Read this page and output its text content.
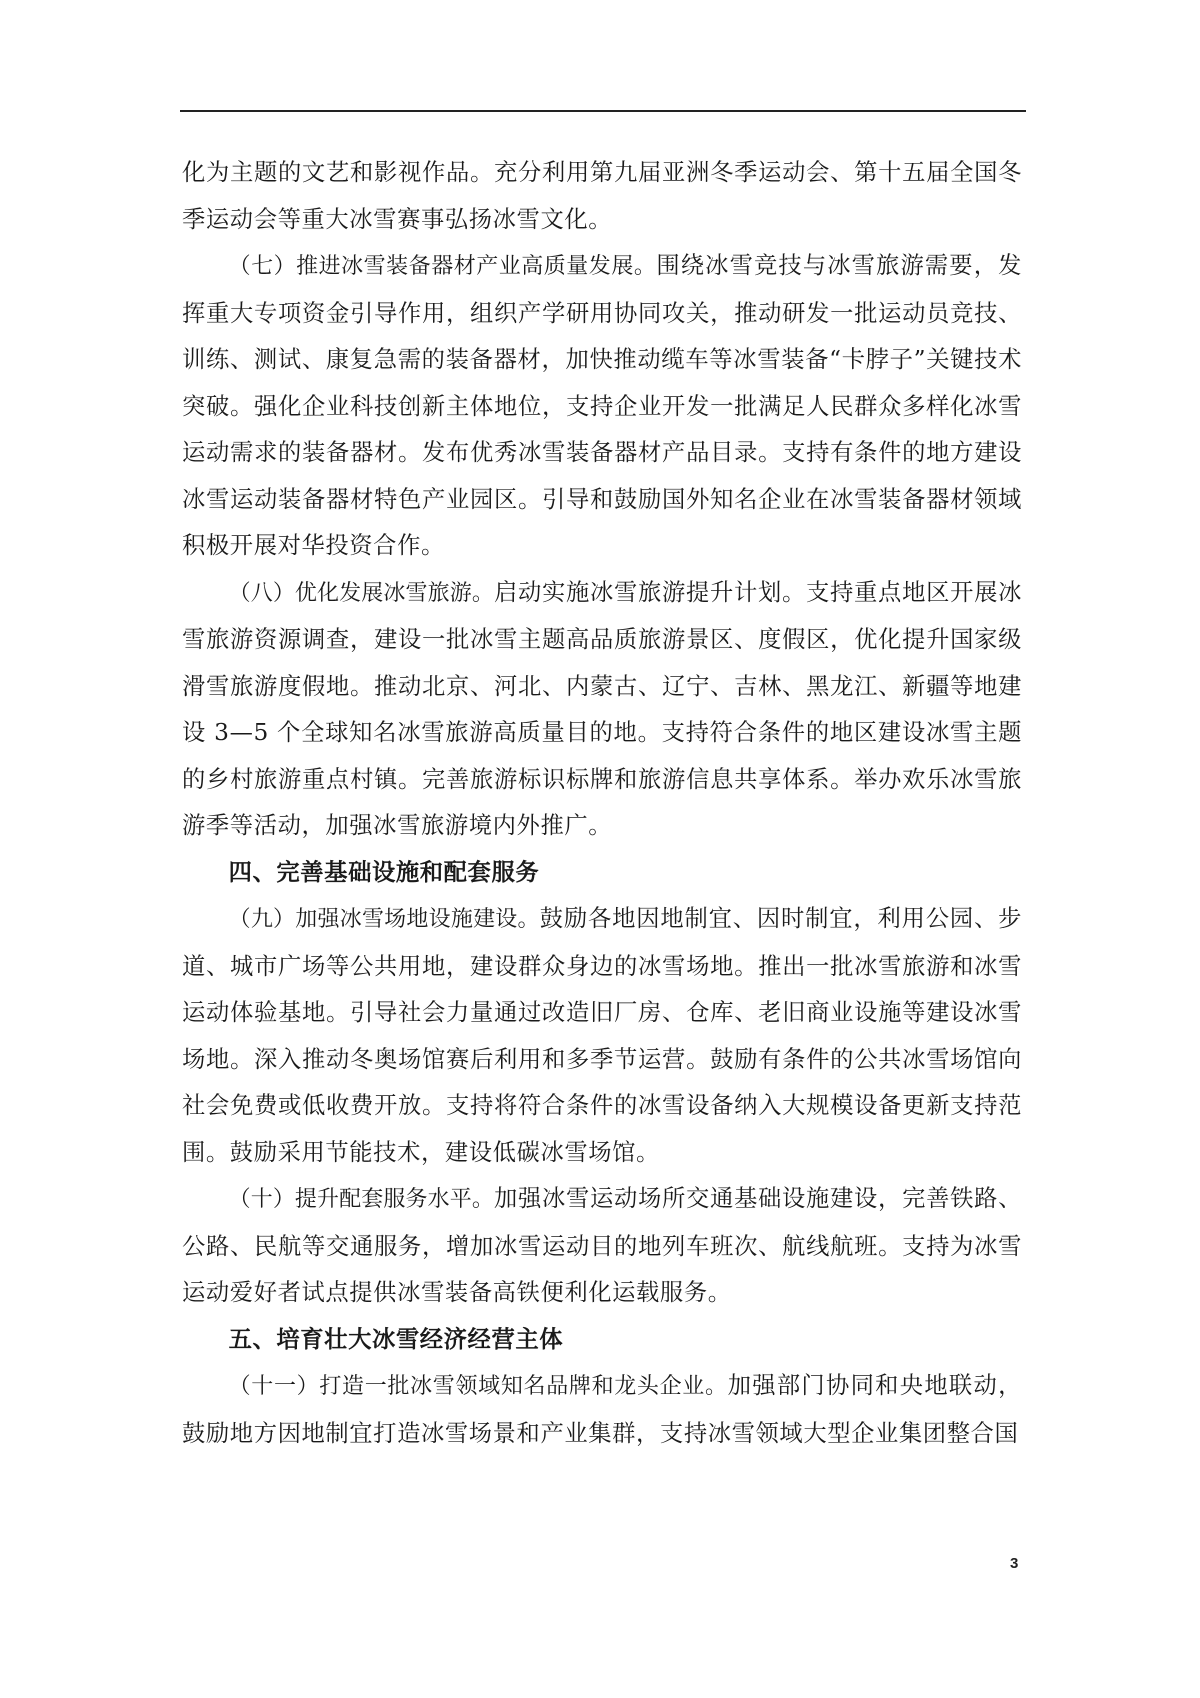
化为主题的文艺和影视作品。充分利用第九届亚洲冬季运动会、第十五届全国冬季运动会等重大冰雪赛事弘扬冰雪文化。

（七）推进冰雪装备器材产业高质量发展。围绕冰雪竞技与冰雪旅游需要，发挥重大专项资金引导作用，组织产学研用协同攻关，推动研发一批运动员竞技、训练、测试、康复急需的装备器材，加快推动缆车等冰雪装备“卡脖子”关键技术突破。强化企业科技创新主体地位，支持企业开发一批满足人民群众多样化冰雪运动需求的装备器材。发布优秀冰雪装备器材产品目录。支持有条件的地方建设冰雪运动装备器材特色产业园区。引导和鼓励国外知名企业在冰雪装备器材领域积极开展对华投资合作。

（八）优化发展冰雪旅游。启动实施冰雪旅游提升计划。支持重点地区开展冰雪旅游资源调查，建设一批冰雪主题高品质旅游景区、度假区，优化提升国家级滑雪旅游度假地。推动北京、河北、内蒙古、辽宁、吉林、黑龙江、新疆等地建设 3—5 个全球知名冰雪旅游高质量目的地。支持符合条件的地区建设冰雪主题的乡村旅游重点村镇。完善旅游标识标牌和旅游信息共享体系。举办欢乐冰雪旅游季等活动，加强冰雪旅游境内外推广。

四、完善基础设施和配套服务

（九）加强冰雪场地设施建设。鼓励各地因地制宜、因时制宜，利用公园、步道、城市广场等公共用地，建设群众身边的冰雪场地。推出一批冰雪旅游和冰雪运动体验基地。引导社会力量通过改造旧厂房、仓库、老旧商业设施等建设冰雪场地。深入推动冬奥场馆赛后利用和多季节运营。鼓励有条件的公共冰雪场馆向社会免费或低收费开放。支持将符合条件的冰雪设备纳入大规模设备更新支持范围。鼓励采用节能技术，建设低碳冰雪场馆。

（十）提升配套服务水平。加强冰雪运动场所交通基础设施建设，完善铁路、公路、民航等交通服务，增加冰雪运动目的地列车班次、航线航班。支持为冰雪运动爱好者试点提供冰雪装备高铁便利化运载服务。

五、培育壮大冰雪经济经营主体

（十一）打造一批冰雪领域知名品牌和龙头企业。加强部门协同和央地联动，鼓励地方因地制宜打造冰雪场景和产业集群，支持冰雪领域大型企业集团整合国

3
